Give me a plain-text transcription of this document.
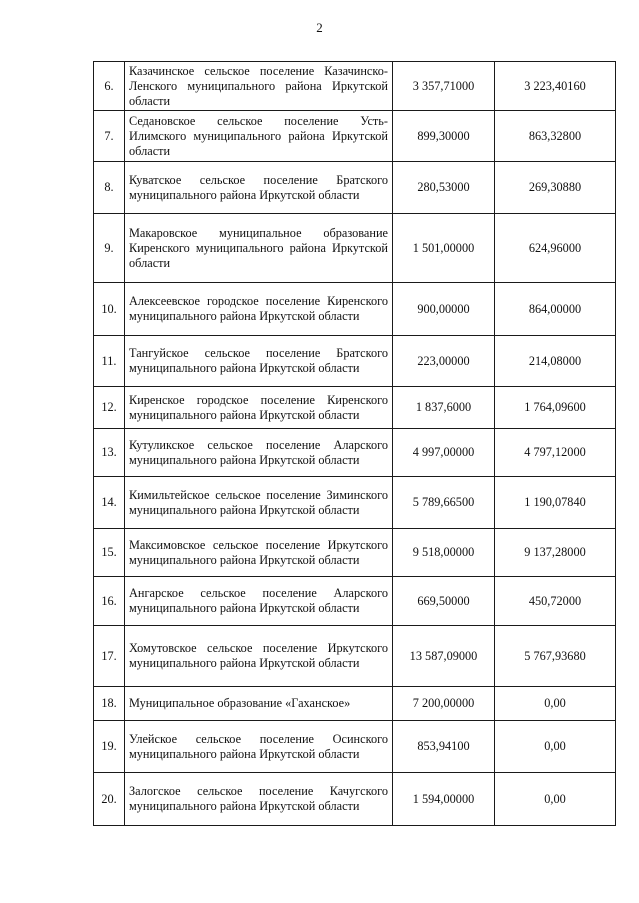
2
6.	Казачинское сельское поселение Казачинско-Ленского муниципального района Иркутской области	3 357,71000	3 223,40160
7.	Седановское сельское поселение Усть-Илимского муниципального района Иркутской области	899,30000	863,32800
8.	Куватское сельское поселение Братского муниципального района Иркутской области	280,53000	269,30880
9.	Макаровское муниципальное образование Киренского муниципального района Иркутской области	1 501,00000	624,96000
10.	Алексеевское городское поселение Киренского муниципального района Иркутской области	900,00000	864,00000
11.	Тангуйское сельское поселение Братского муниципального района Иркутской области	223,00000	214,08000
12.	Киренское городское поселение Киренского муниципального района Иркутской области	1 837,6000	1 764,09600
13.	Кутуликское сельское поселение Аларского муниципального района Иркутской области	4 997,00000	4 797,12000
14.	Кимильтейское сельское поселение Зиминского муниципального района Иркутской области	5 789,66500	1 190,07840
15.	Максимовское сельское поселение Иркутского муниципального района Иркутской области	9 518,00000	9 137,28000
16.	Ангарское сельское поселение Аларского муниципального района Иркутской области	669,50000	450,72000
17.	Хомутовское сельское поселение Иркутского муниципального района Иркутской области	13 587,09000	5 767,93680
18.	Муниципальное образование «Гаханское»	7 200,00000	0,00
19.	Улейское сельское поселение Осинского муниципального района Иркутской области	853,94100	0,00
20.	Залогское сельское поселение Качугского муниципального района Иркутской области	1 594,00000	0,00
